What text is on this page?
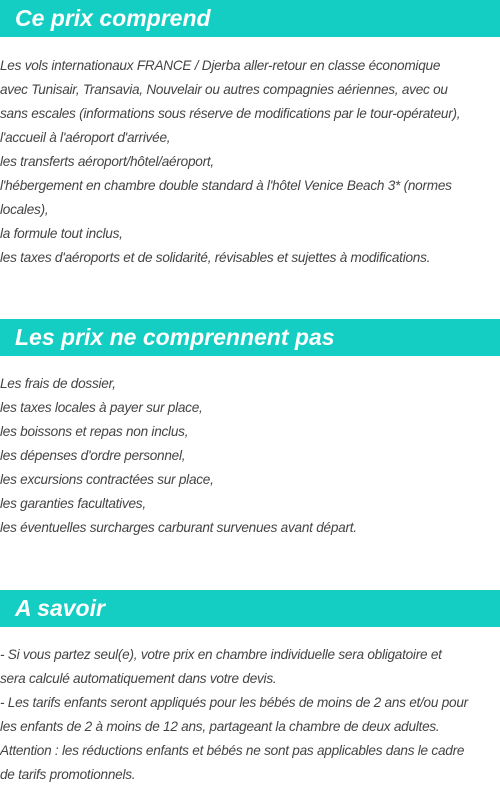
Ce prix comprend
Les vols internationaux FRANCE / Djerba aller-retour en classe économique
avec Tunisair, Transavia, Nouvelair ou autres compagnies aériennes, avec ou
sans escales (informations sous réserve de modifications par le tour-opérateur),
l'accueil à l'aéroport d'arrivée,
les transferts aéroport/hôtel/aéroport,
l'hébergement en chambre double standard à l'hôtel Venice Beach 3* (normes
locales),
la formule tout inclus,
les taxes d'aéroports et de solidarité, révisables et sujettes à modifications.
Les prix ne comprennent pas
Les frais de dossier,
les taxes locales à payer sur place,
les boissons et repas non inclus,
les dépenses d'ordre personnel,
les excursions contractées sur place,
les garanties facultatives,
les éventuelles surcharges carburant survenues avant départ.
A savoir
- Si vous partez seul(e), votre prix en chambre individuelle sera obligatoire et
sera calculé automatiquement dans votre devis.
- Les tarifs enfants seront appliqués pour les bébés de moins de 2 ans et/ou pour
les enfants de 2 à moins de 12 ans, partageant la chambre de deux adultes.
Attention : les réductions enfants et bébés ne sont pas applicables dans le cadre
de tarifs promotionnels.
